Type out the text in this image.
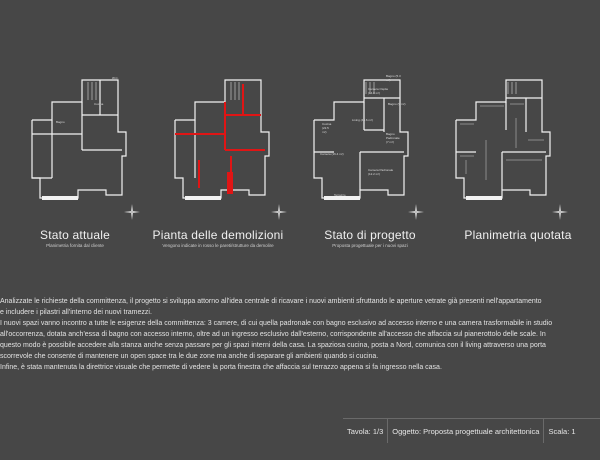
W.C.
Bagno
Cucina
Stato attuale
Planimetria fornita dal cliente
Pianta delle demolizioni
Vengono indicate in rosso le pareti/strutture da demolire
Bagno (5.3 m²)
Camera Ospite (14.0 m²)
Bagno (9 m²)
Living (44.6 m²)
Cucina (22.5 m²)	Bagno Padronale (7 m²)
Camera (16.4 m²)
Camera Padronale (12.2 m²)
Terrazzo
Stato di progetto
Proposta progettuale per i nuovi spazi
Planimetria quotata

Analizzate le richieste della committenza, il progetto si sviluppa attorno all'idea centrale di ricavare i nuovi ambienti sfruttando le aperture vetrate già presenti nell'appartamento

e includere i pilastri all'interno dei nuovi tramezzi.

I nuovi spazi vanno incontro a tutte le esigenze della committenza: 3 camere, di cui quella padronale con bagno esclusivo ad accesso interno e una camera trasformabile in studio

all'occorrenza, dotata anch'essa di bagno con accesso interno, oltre ad un ingresso esclusivo dall'esterno, corrispondente all'accesso che affaccia sul pianerottolo delle scale. In

questo modo è possibile accedere alla stanza anche senza passare per gli spazi interni della casa. La spaziosa cucina, posta a Nord, comunica con il living attraverso una porta

scorrevole che consente di mantenere un open space tra le due zone ma anche di separare gli ambienti quando si cucina.

Infine, è stata mantenuta la direttrice visuale che permette di vedere la porta finestra che affaccia sul terrazzo appena si fa ingresso nella casa.

Tavola: 1/3	Oggetto: Proposta progettuale architettonica	Scala: 1
